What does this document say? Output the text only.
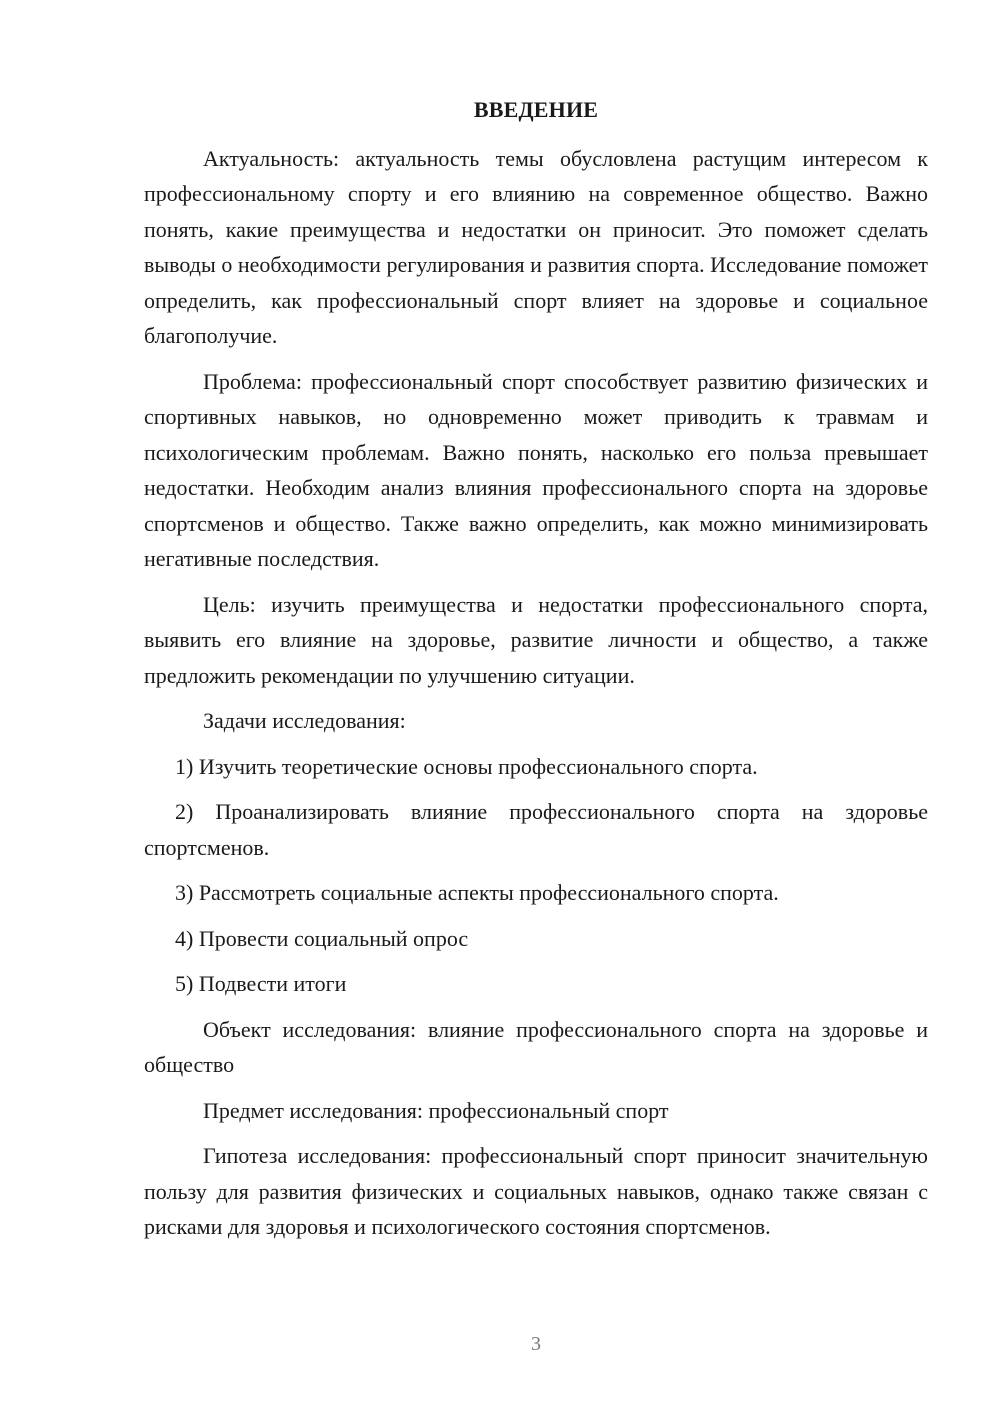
ВВЕДЕНИЕ

Актуальность: актуальность темы обусловлена растущим интересом к профессиональному спорту и его влиянию на современное общество. Важно понять, какие преимущества и недостатки он приносит. Это поможет сделать выводы о необходимости регулирования и развития спорта. Исследование поможет определить, как профессиональный спорт влияет на здоровье и социальное благополучие.

Проблема: профессиональный спорт способствует развитию физических и спортивных навыков, но одновременно может приводить к травмам и психологическим проблемам. Важно понять, насколько его польза превышает недостатки. Необходим анализ влияния профессионального спорта на здоровье спортсменов и общество. Также важно определить, как можно минимизировать негативные последствия.

Цель: изучить преимущества и недостатки профессионального спорта, выявить его влияние на здоровье, развитие личности и общество, а также предложить рекомендации по улучшению ситуации.

Задачи исследования:

1) Изучить теоретические основы профессионального спорта.

2) Проанализировать влияние профессионального спорта на здоровье спортсменов.

3) Рассмотреть социальные аспекты профессионального спорта.

4) Провести социальный опрос

5) Подвести итоги

Объект исследования: влияние профессионального спорта на здоровье и общество

Предмет исследования: профессиональный спорт

Гипотеза исследования: профессиональный спорт приносит значительную пользу для развития физических и социальных навыков, однако также связан с рисками для здоровья и психологического состояния спортсменов.

3
